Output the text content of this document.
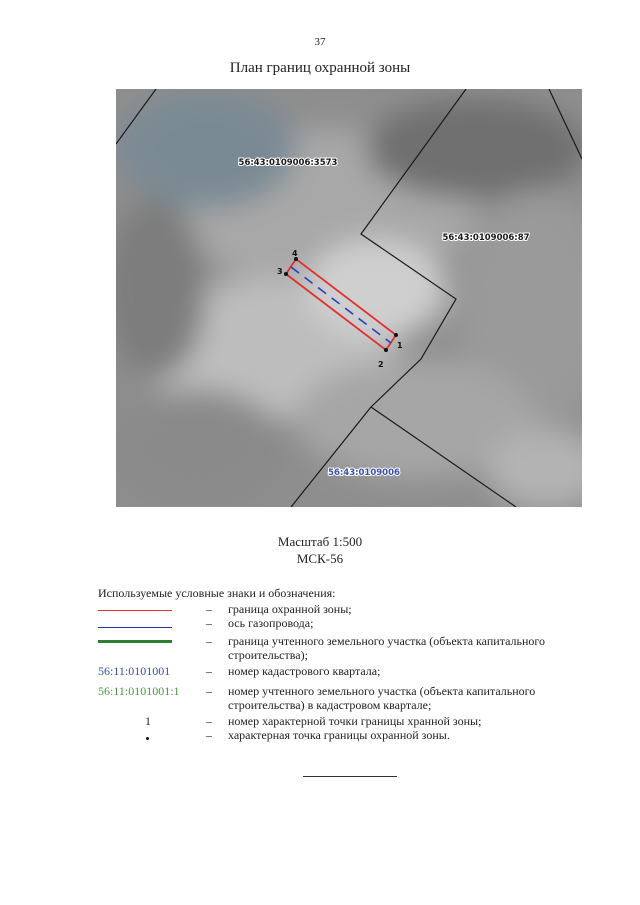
37
План границ охранной зоны
56:43:0109006:3573
56:43:0109006:87
56:43:0109006
1
2
3
4
Масштаб 1:500
МСК-56
Используемые условные знаки и обозначения:
– граница охранной зоны;
– ось газопровода;
– граница учтенного земельного участка (объекта капитального строительства);
56:11:0101001	– номер кадастрового квартала;
56:11:0101001:1	– номер учтенного земельного участка (объекта капитального строительства) в кадастровом квартале;
1	– номер характерной точки границы хранной зоны;
– характерная точка границы охранной зоны.
